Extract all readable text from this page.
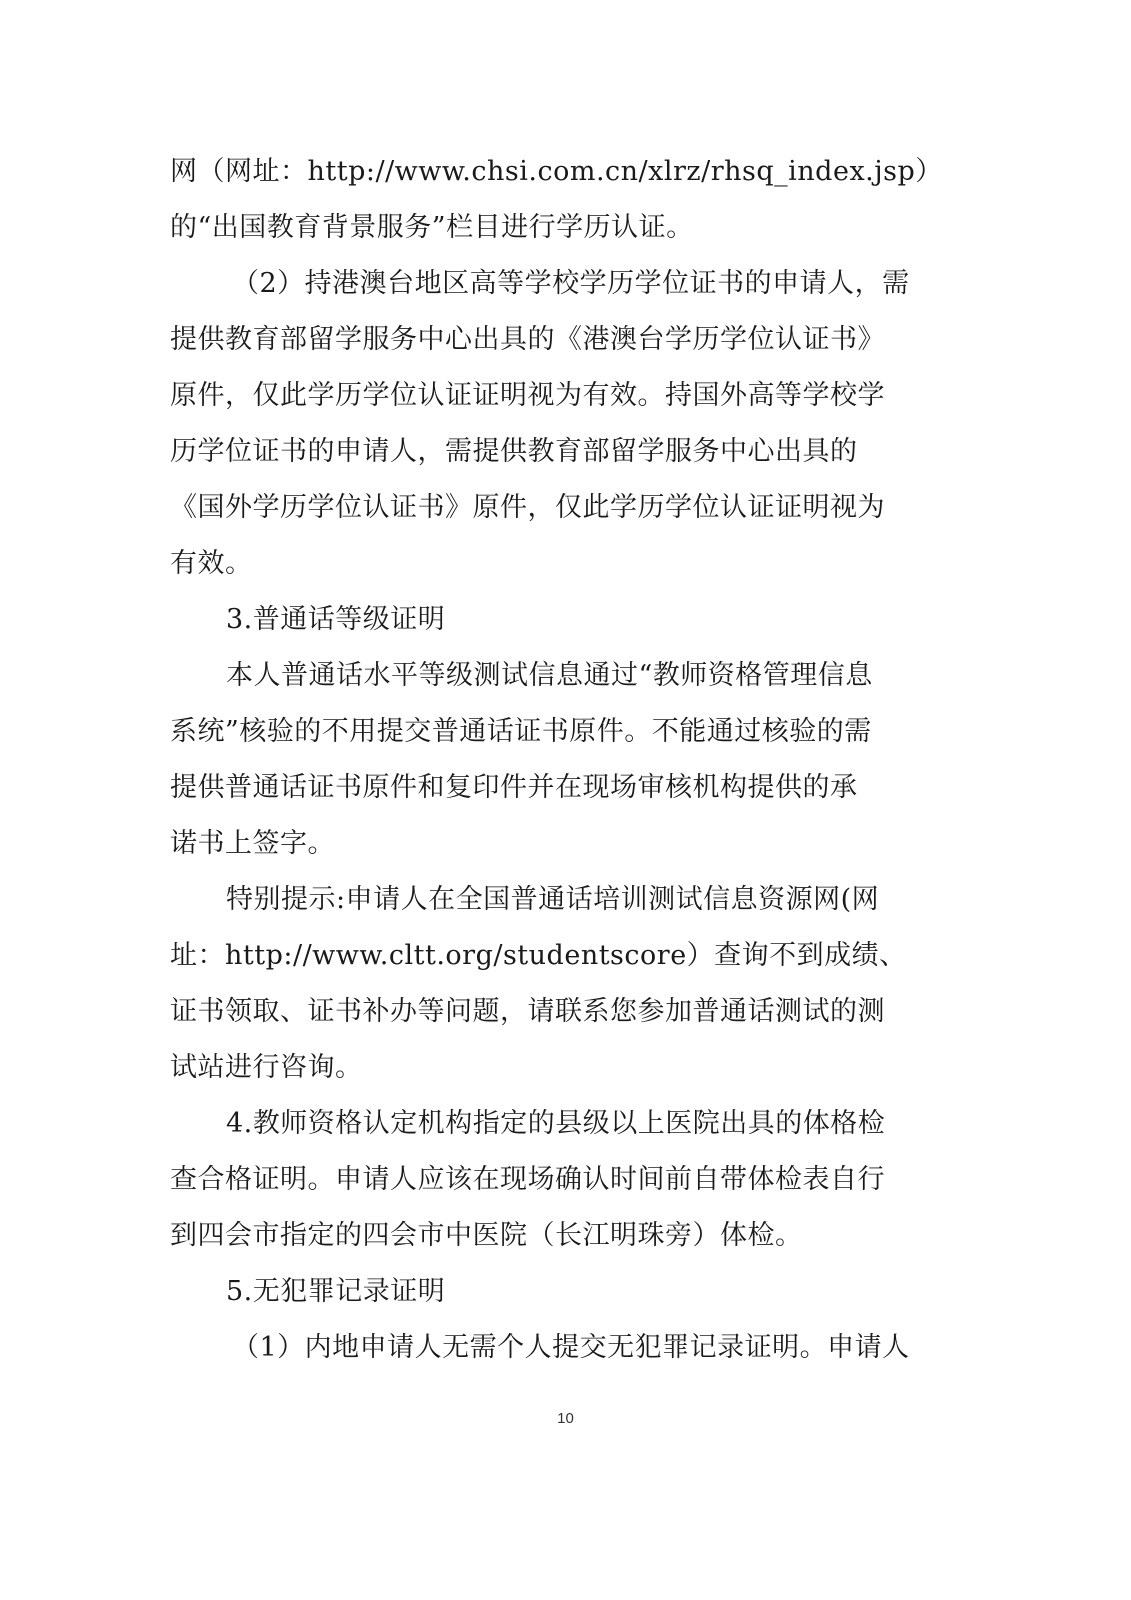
网（网址：http://www.chsi.com.cn/xlrz/rhsq_index.jsp）
的“出国教育背景服务”栏目进行学历认证。
（2）持港澳台地区高等学校学历学位证书的申请人，需
提供教育部留学服务中心出具的《港澳台学历学位认证书》
原件，仅此学历学位认证证明视为有效。持国外高等学校学
历学位证书的申请人，需提供教育部留学服务中心出具的
《国外学历学位认证书》原件，仅此学历学位认证证明视为
有效。
3.普通话等级证明
本人普通话水平等级测试信息通过“教师资格管理信息
系统”核验的不用提交普通话证书原件。不能通过核验的需
提供普通话证书原件和复印件并在现场审核机构提供的承
诺书上签字。
特别提示:申请人在全国普通话培训测试信息资源网(网
址：http://www.cltt.org/studentscore）查询不到成绩、
证书领取、证书补办等问题，请联系您参加普通话测试的测
试站进行咨询。
4.教师资格认定机构指定的县级以上医院出具的体格检
查合格证明。申请人应该在现场确认时间前自带体检表自行
到四会市指定的四会市中医院（长江明珠旁）体检。
5.无犯罪记录证明
（1）内地申请人无需个人提交无犯罪记录证明。申请人
10
